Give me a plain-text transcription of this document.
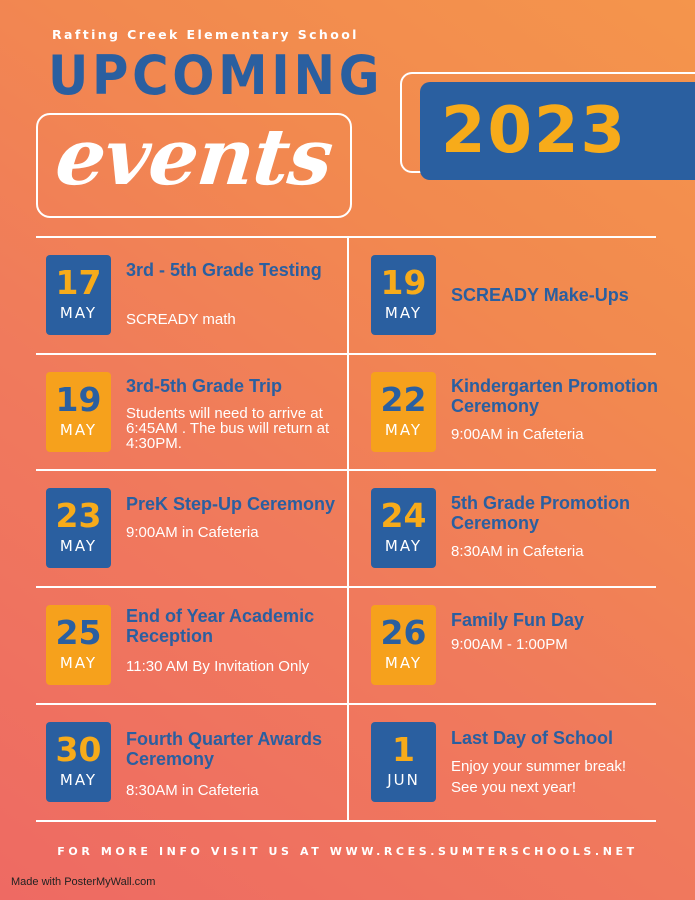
Rafting Creek Elementary School
UPCOMING
events	2023
17
MAY
3rd - 5th Grade Testing
SCREADY math
19
MAY
SCREADY Make-Ups
19
MAY
3rd-5th Grade Trip
Students will need to arrive at 6:45AM . The bus will return at 4:30PM.
22
MAY
Kindergarten Promotion Ceremony
9:00AM in Cafeteria
23
MAY
PreK Step-Up Ceremony
9:00AM in Cafeteria	24
MAY
5th Grade Promotion Ceremony
8:30AM in Cafeteria
25
MAY
End of Year Academic Reception
11:30 AM By Invitation Only
26
MAY
Family Fun Day
9:00AM - 1:00PM
30
MAY
Fourth Quarter Awards Ceremony
8:30AM in Cafeteria
1
JUN
Last Day of School
Enjoy your summer break! See you next year!
FOR MORE INFO VISIT US AT WWW.RCES.SUMTERSCHOOLS.NET
Made with PosterMyWall.com
